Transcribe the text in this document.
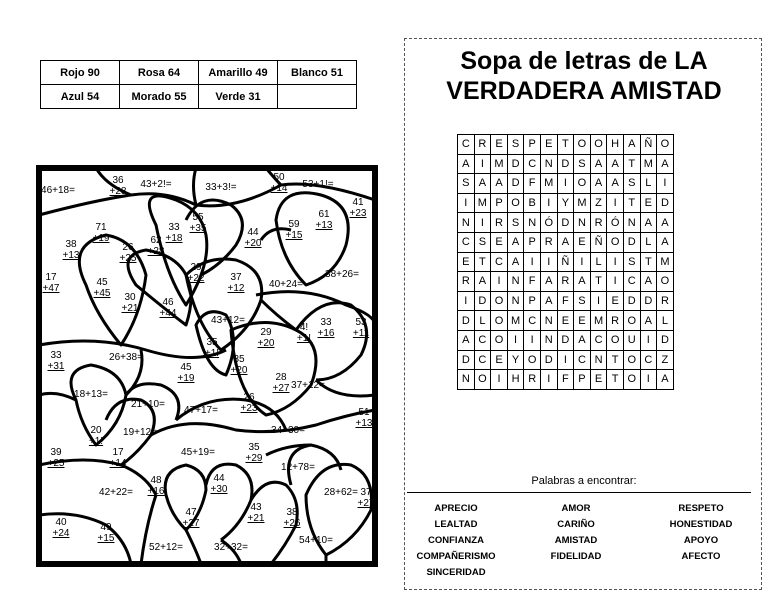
Rojo 90	Rosa 64	Amarillo 49	Blanco 51
Azul 54	Morado 55	Verde 31	
46+18=
36 +28
43+2!=	33+3!=
50 +14 53+1!=
41 +23
71 +19
38 +13
26 +25
62 +28
33 +18
55 +35	44 +20
59 +15
61 +13
29 +22
17 +47
45 +45 30 +21
46 +44
37 +12 40+24=
38+26=
43+12=	33 +16
53 +11
35 +1!
29 +20
4! +1!
33 +31
26+38=
45 +19
35 +20
28 +27 37+12=
18+13=
21+10=
47+17=
26 +23	51 +13
20 +1!
19+12=
39 +25
17 +14
45+19=	35 +29
34+30=
12+78=
44 +30
48 +16
42+22=
47 +27
43 +21
38 +26
28+62= 37 +27
40 +24
49 +15
52+12=	32+32=
54+10=
Sopa de letras de LA
VERDADERA AMISTAD
C	R	E	S	P	E	T	O	O	H	A	Ñ	O
A	I	M	D	C	N	D	S	A	A	T	M	A
S	A	A	D	F	M	I	O	A	A	S	L	I
I	M	P	O	B	I	Y	M	Z	I	T	E	D
N	I	R	S	N	Ó	D	N	R	Ó	N	A	A
C	S	E	A	P	R	A	E	Ñ	O	D	L	A
E	T	C	A	I	I	Ñ	I	L	I	S	T	M
R	A	I	N	F	A	R	A	T	I	C	A	O
I	D	O	N	P	A	F	S	I	E	D	D	R
D	L	O	M	C	N	E	E	M	R	O	A	L
A	C	O	I	I	N	D	A	C	O	U	I	D
D	C	E	Y	O	D	I	C	N	T	O	C	Z
N	O	I	H	R	I	F	P	E	T	O	I	A
Palabras a encontrar:
APRECIO
LEALTAD
CONFIANZA
COMPAÑERISMO
SINCERIDAD
AMOR
CARIÑO
AMISTAD
FIDELIDAD
RESPETO
HONESTIDAD
APOYO
AFECTO
